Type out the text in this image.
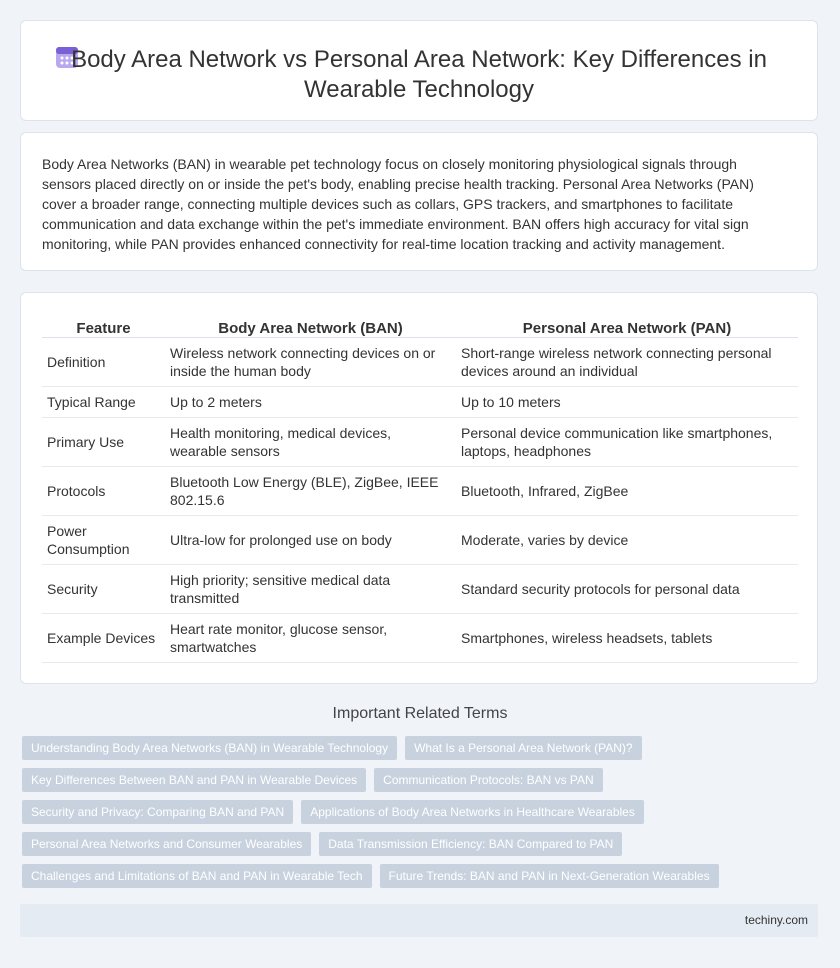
Body Area Network vs Personal Area Network: Key Differences in Wearable Technology

Body Area Networks (BAN) in wearable pet technology focus on closely monitoring physiological signals through sensors placed directly on or inside the pet's body, enabling precise health tracking. Personal Area Networks (PAN) cover a broader range, connecting multiple devices such as collars, GPS trackers, and smartphones to facilitate communication and data exchange within the pet's immediate environment. BAN offers high accuracy for vital sign monitoring, while PAN provides enhanced connectivity for real-time location tracking and activity management.

Feature	Body Area Network (BAN)	Personal Area Network (PAN)
Definition	Wireless network connecting devices on or inside the human body	Short-range wireless network connecting personal devices around an individual
Typical Range	Up to 2 meters	Up to 10 meters
Primary Use	Health monitoring, medical devices, wearable sensors	Personal device communication like smartphones, laptops, headphones
Protocols	Bluetooth Low Energy (BLE), ZigBee, IEEE 802.15.6	Bluetooth, Infrared, ZigBee
Power Consumption	Ultra-low for prolonged use on body	Moderate, varies by device
Security	High priority; sensitive medical data transmitted	Standard security protocols for personal data
Example Devices	Heart rate monitor, glucose sensor, smartwatches	Smartphones, wireless headsets, tablets
Important Related Terms
Understanding Body Area Networks (BAN) in Wearable Technology	What Is a Personal Area Network (PAN)?
Key Differences Between BAN and PAN in Wearable Devices	Communication Protocols: BAN vs PAN
Security and Privacy: Comparing BAN and PAN	Applications of Body Area Networks in Healthcare Wearables
Personal Area Networks and Consumer Wearables	Data Transmission Efficiency: BAN Compared to PAN
Challenges and Limitations of BAN and PAN in Wearable Tech	Future Trends: BAN and PAN in Next-Generation Wearables
techiny.com
